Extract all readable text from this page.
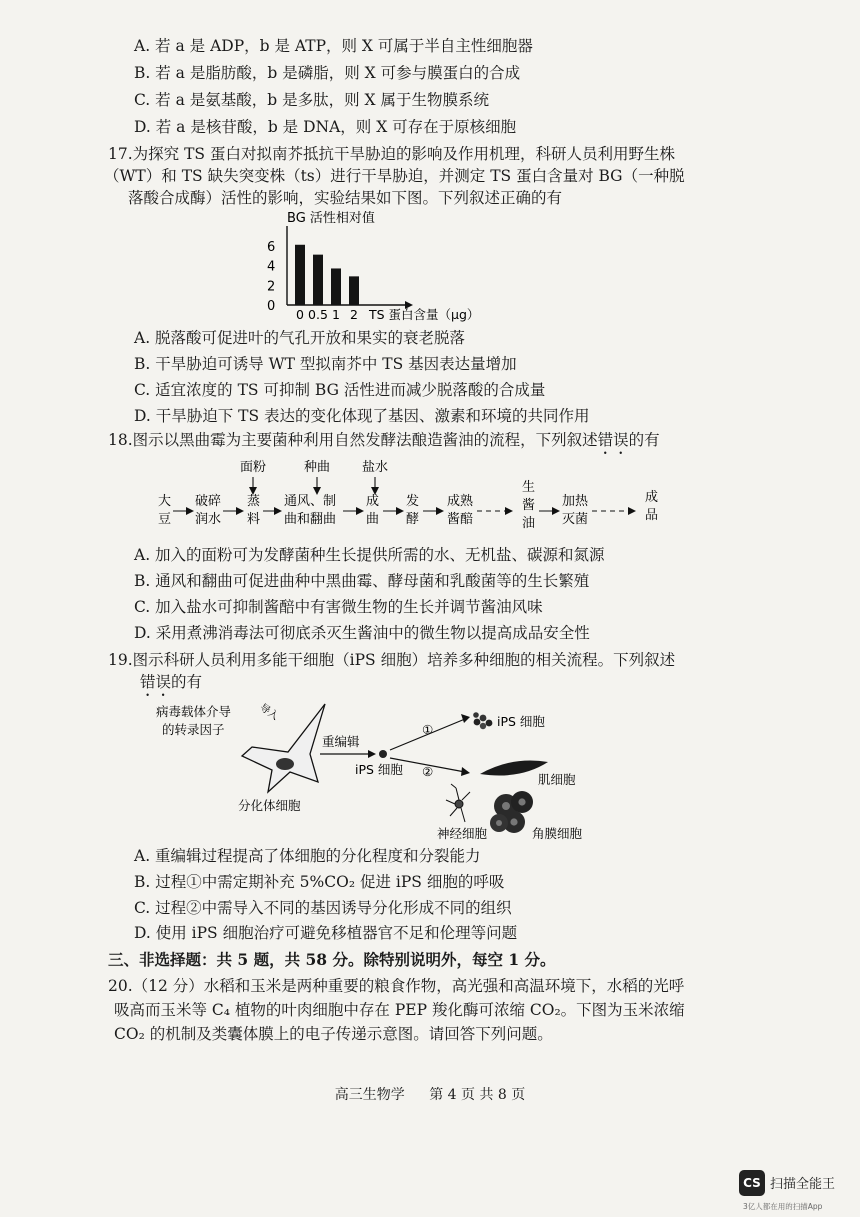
A. 若 a 是 ADP，b 是 ATP，则 X 可属于半自主性细胞器
B. 若 a 是脂肪酸，b 是磷脂，则 X 可参与膜蛋白的合成
C. 若 a 是氨基酸，b 是多肽，则 X 属于生物膜系统
D. 若 a 是核苷酸，b 是 DNA，则 X 可存在于原核细胞
17.为探究 TS 蛋白对拟南芥抵抗干旱胁迫的影响及作用机理，科研人员利用野生株
（WT）和 TS 缺失突变株（ts）进行干旱胁迫，并测定 TS 蛋白含量对 BG（一种脱
落酸合成酶）活性的影响，实验结果如下图。下列叙述正确的有
BG 活性相对值
0
2
4
6
0 0.5 1 2 TS 蛋白含量（μg）
A. 脱落酸可促进叶的气孔开放和果实的衰老脱落
B. 干旱胁迫可诱导 WT 型拟南芥中 TS 基因表达量增加
C. 适宜浓度的 TS 可抑制 BG 活性进而减少脱落酸的合成量
D. 干旱胁迫下 TS 表达的变化体现了基因、激素和环境的共同作用
18.图示以黑曲霉为主要菌种利用自然发酵法酿造酱油的流程，下列叙述错误的有
面粉	种曲 盐水
大
豆
破碎
润水
蒸
料
通风、制
曲和翻曲
成
曲
发
酵
成熟
酱醅
生
酱
油
加热
灭菌
成
品
A. 加入的面粉可为发酵菌种生长提供所需的水、无机盐、碳源和氮源
B. 通风和翻曲可促进曲种中黑曲霉、酵母菌和乳酸菌等的生长繁殖
C. 加入盐水可抑制酱醅中有害微生物的生长并调节酱油风味
D. 采用煮沸消毒法可彻底杀灭生酱油中的微生物以提高成品安全性
19.图示科研人员利用多能干细胞（iPS 细胞）培养多种细胞的相关流程。下列叙述
错误的有
病毒载体介导
的转录因子
导入
分化体细胞
重编辑
iPS 细胞
①
②
iPS 细胞
肌细胞
神经细胞	角膜细胞
A. 重编辑过程提高了体细胞的分化程度和分裂能力
B. 过程①中需定期补充 5%CO₂ 促进 iPS 细胞的呼吸
C. 过程②中需导入不同的基因诱导分化形成不同的组织
D. 使用 iPS 细胞治疗可避免移植器官不足和伦理等问题
三、非选择题：共 5 题，共 58 分。除特别说明外，每空 1 分。
20.（12 分）水稻和玉米是两种重要的粮食作物，高光强和高温环境下，水稻的光呼
吸高而玉米等 C₄ 植物的叶肉细胞中存在 PEP 羧化酶可浓缩 CO₂。下图为玉米浓缩
CO₂ 的机制及类囊体膜上的电子传递示意图。请回答下列问题。
高三生物学 第 4 页 共 8 页
CS 扫描全能王
3亿人都在用的扫描App
